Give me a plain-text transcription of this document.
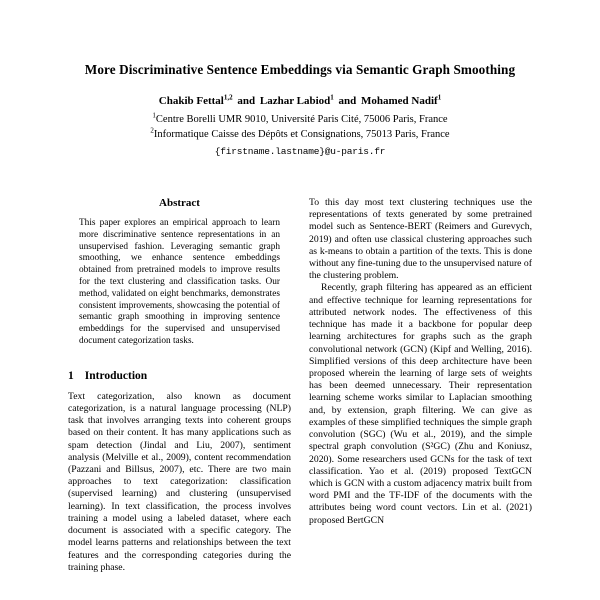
More Discriminative Sentence Embeddings via Semantic Graph Smoothing
Chakib Fettal$^{1,2}$ and Lazhar Labiod$^1$ and Mohamed Nadif$^1$
$^1$Centre Borelli UMR 9010, Université Paris Cité, 75006 Paris, France
$^2$Informatique Caisse des Dépôts et Consignations, 75013 Paris, France
{firstname.lastname}@u-paris.fr
Abstract

This paper explores an empirical approach to learn more discriminative sentence representations in an unsupervised fashion. Leveraging semantic graph smoothing, we enhance sentence embeddings obtained from pretrained models to improve results for the text clustering and classification tasks. Our method, validated on eight benchmarks, demonstrates consistent improvements, showcasing the potential of semantic graph smoothing in improving sentence embeddings for the supervised and unsupervised document categorization tasks.

1 Introduction

Text categorization, also known as document categorization, is a natural language processing (NLP) task that involves arranging texts into coherent groups based on their content. It has many applications such as spam detection (Jindal and Liu, 2007), sentiment analysis (Melville et al., 2009), content recommendation (Pazzani and Billsus, 2007), etc. There are two main approaches to text categorization: classification (supervised learning) and clustering (unsupervised learning). In text classification, the process involves training a model using a labeled dataset, where each document is associated with a specific category. The model learns patterns and relationships between the text features and the corresponding categories during the training phase.

To this day most text clustering techniques use the representations of texts generated by some pretrained model such as Sentence-BERT (Reimers and Gurevych, 2019) and often use classical clustering approaches such as k-means to obtain a partition of the texts. This is done without any fine-tuning due to the unsupervised nature of the clustering problem.

Recently, graph filtering has appeared as an efficient and effective technique for learning representations for attributed network nodes. The effectiveness of this technique has made it a backbone for popular deep learning architectures for graphs such as the graph convolutional network (GCN) (Kipf and Welling, 2016). Simplified versions of this deep architecture have been proposed wherein the learning of large sets of weights has been deemed unnecessary. Their representation learning scheme works similar to Laplacian smoothing and, by extension, graph filtering. We can give as examples of these simplified techniques the simple graph convolution (SGC) (Wu et al., 2019), and the simple spectral graph convolution (S²GC) (Zhu and Koniusz, 2020). Some researchers used GCNs for the task of text classification. Yao et al. (2019) proposed TextGCN which is GCN with a custom adjacency matrix built from word PMI and the TF-IDF of the documents with the attributes being word count vectors. Lin et al. (2021) proposed BertGCN
